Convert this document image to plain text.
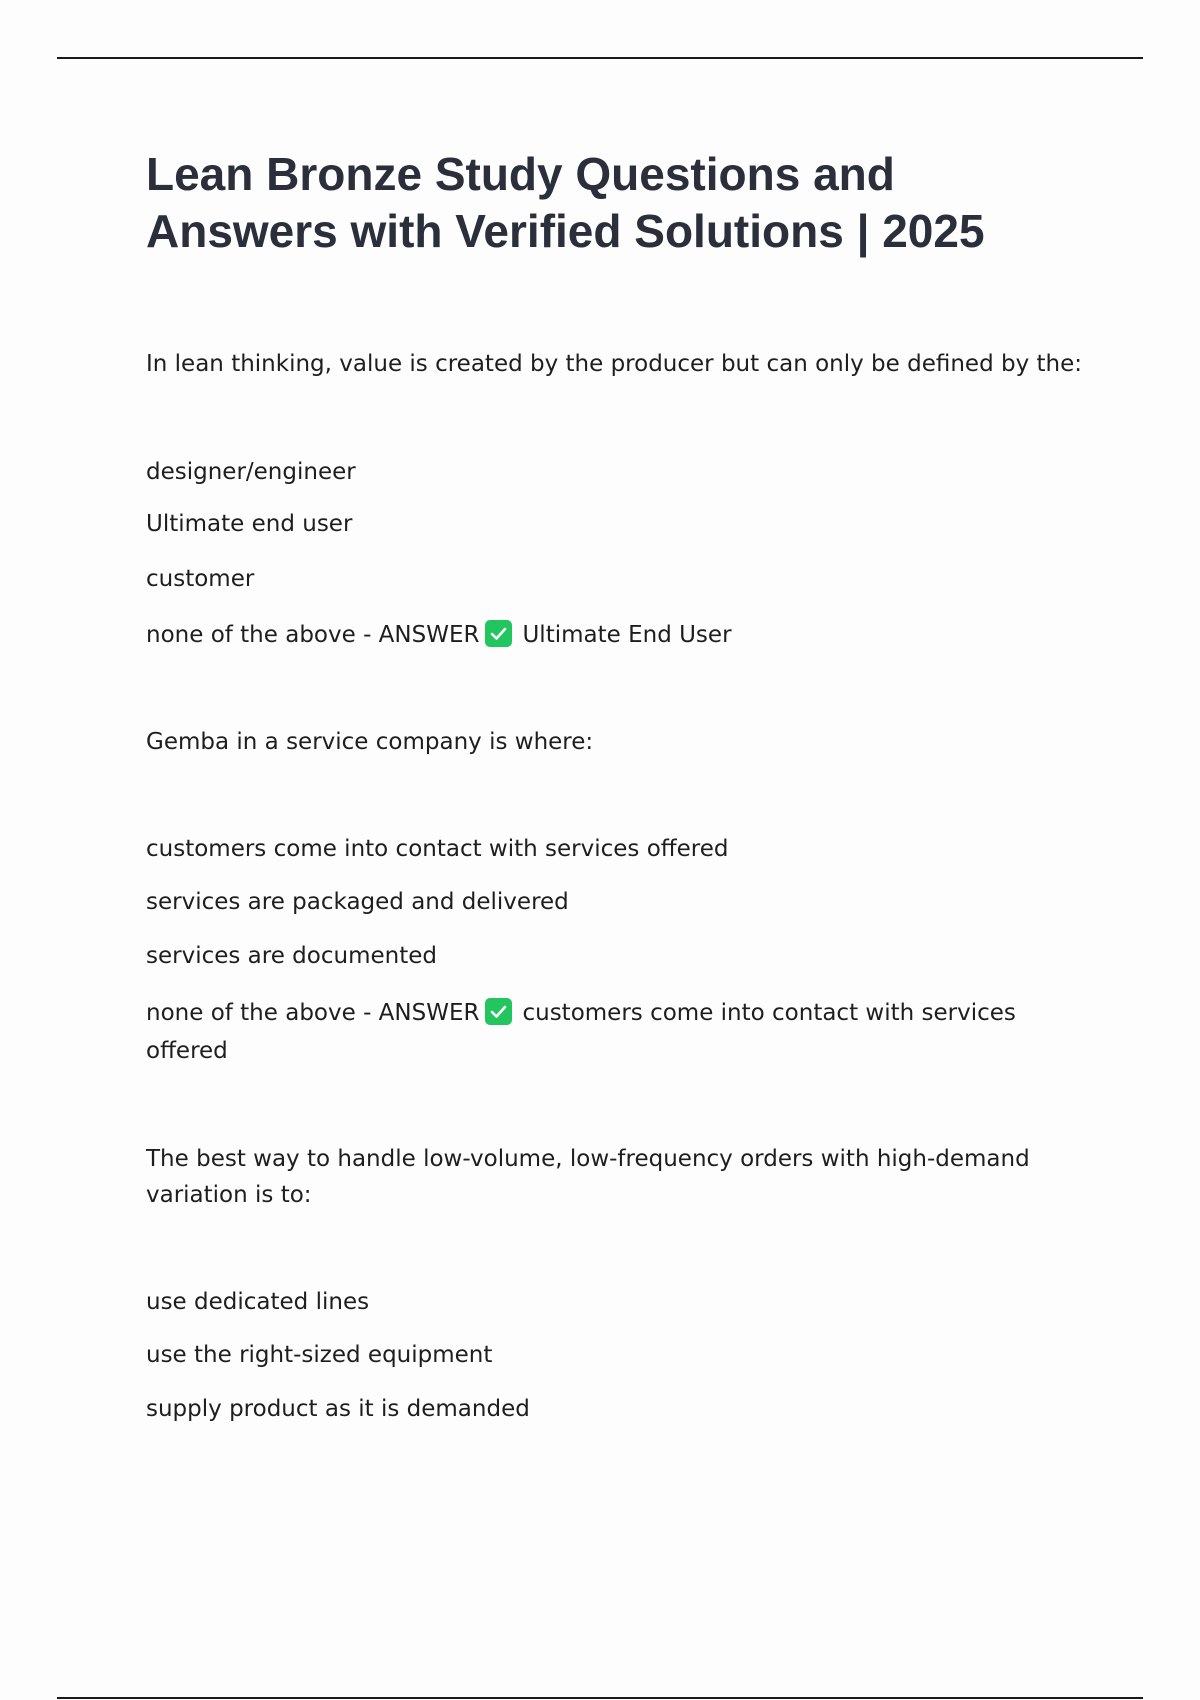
Lean Bronze Study Questions and
Answers with Verified Solutions | 2025

In lean thinking, value is created by the producer but can only be defined by the:

designer/engineer

Ultimate end user

customer

none of the above - ANSWER Ultimate End User

Gemba in a service company is where:

customers come into contact with services offered

services are packaged and delivered

services are documented

none of the above - ANSWER customers come into contact with services

offered

The best way to handle low-volume, low-frequency orders with high-demand

variation is to:

use dedicated lines

use the right-sized equipment

supply product as it is demanded
